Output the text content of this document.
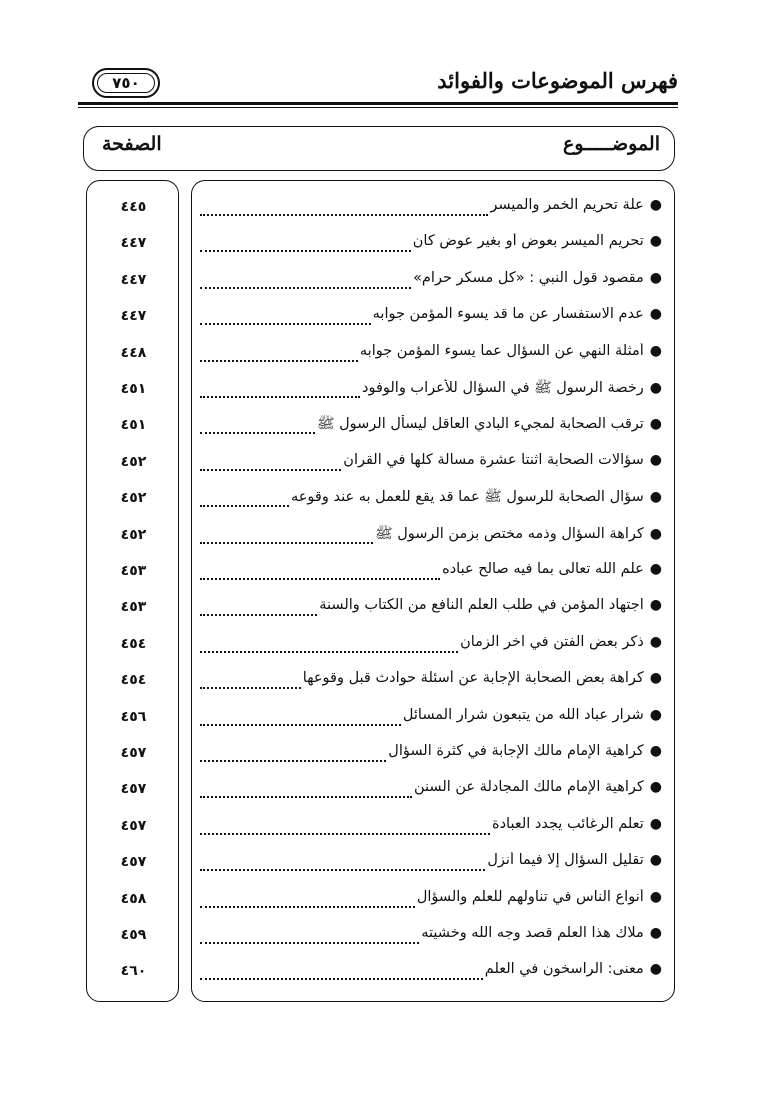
فهرس الموضوعات والفوائد
٧٥٠
الموضـــــوع
الصفحة
٤٤٥
٤٤٧
٤٤٧
٤٤٧
٤٤٨
٤٥١
٤٥١
٤٥٢
٤٥٢
٤٥٢
٤٥٣
٤٥٣
٤٥٤
٤٥٤
٤٥٦
٤٥٧
٤٥٧
٤٥٧
٤٥٧
٤٥٨
٤٥٩
٤٦٠
●
علة تحريم الخمر والميسر
●
تحريم الميسر بعوض أو بغير عوض كان
●
مقصود قول النبي : «كل مسكر حرام»
●
عدم الاستفسار عن ما قد يسوء المؤمن جوابه
●
أمثلة النهي عن السؤال عما يسوء المؤمن جوابه
●
رخصة الرسول ﷺ في السؤال للأعراب والوفود
●
ترقب الصحابة لمجيء البادي العاقل ليسأل الرسول ﷺ
●
سؤالات الصحابة اثنتا عشرة مسألة كلها في القرآن
●
سؤال الصحابة للرسول ﷺ عما قد يقع للعمل به عند وقوعه
●
كراهة السؤال وذمه مختص بزمن الرسول ﷺ
●
علم الله تعالى بما فيه صالح عباده
●
اجتهاد المؤمن في طلب العلم النافع من الكتاب والسنة
●
ذكر بعض الفتن في آخر الزمان
●
كراهة بعض الصحابة الإجابة عن أسئلة حوادث قبل وقوعها
●
شرار عباد الله من يتبعون شرار المسائل
●
كراهية الإمام مالك الإجابة في كثرة السؤال
●
كراهية الإمام مالك المجادلة عن السنن
●
تعلم الرغائب يجدد العبادة
●
تقليل السؤال إلا فيما أنزل
●
أنواع الناس في تناولهم للعلم والسؤال
●
ملاك هذا العلم قصد وجه الله وخشيته
●
معنى: الراسخون في العلم
